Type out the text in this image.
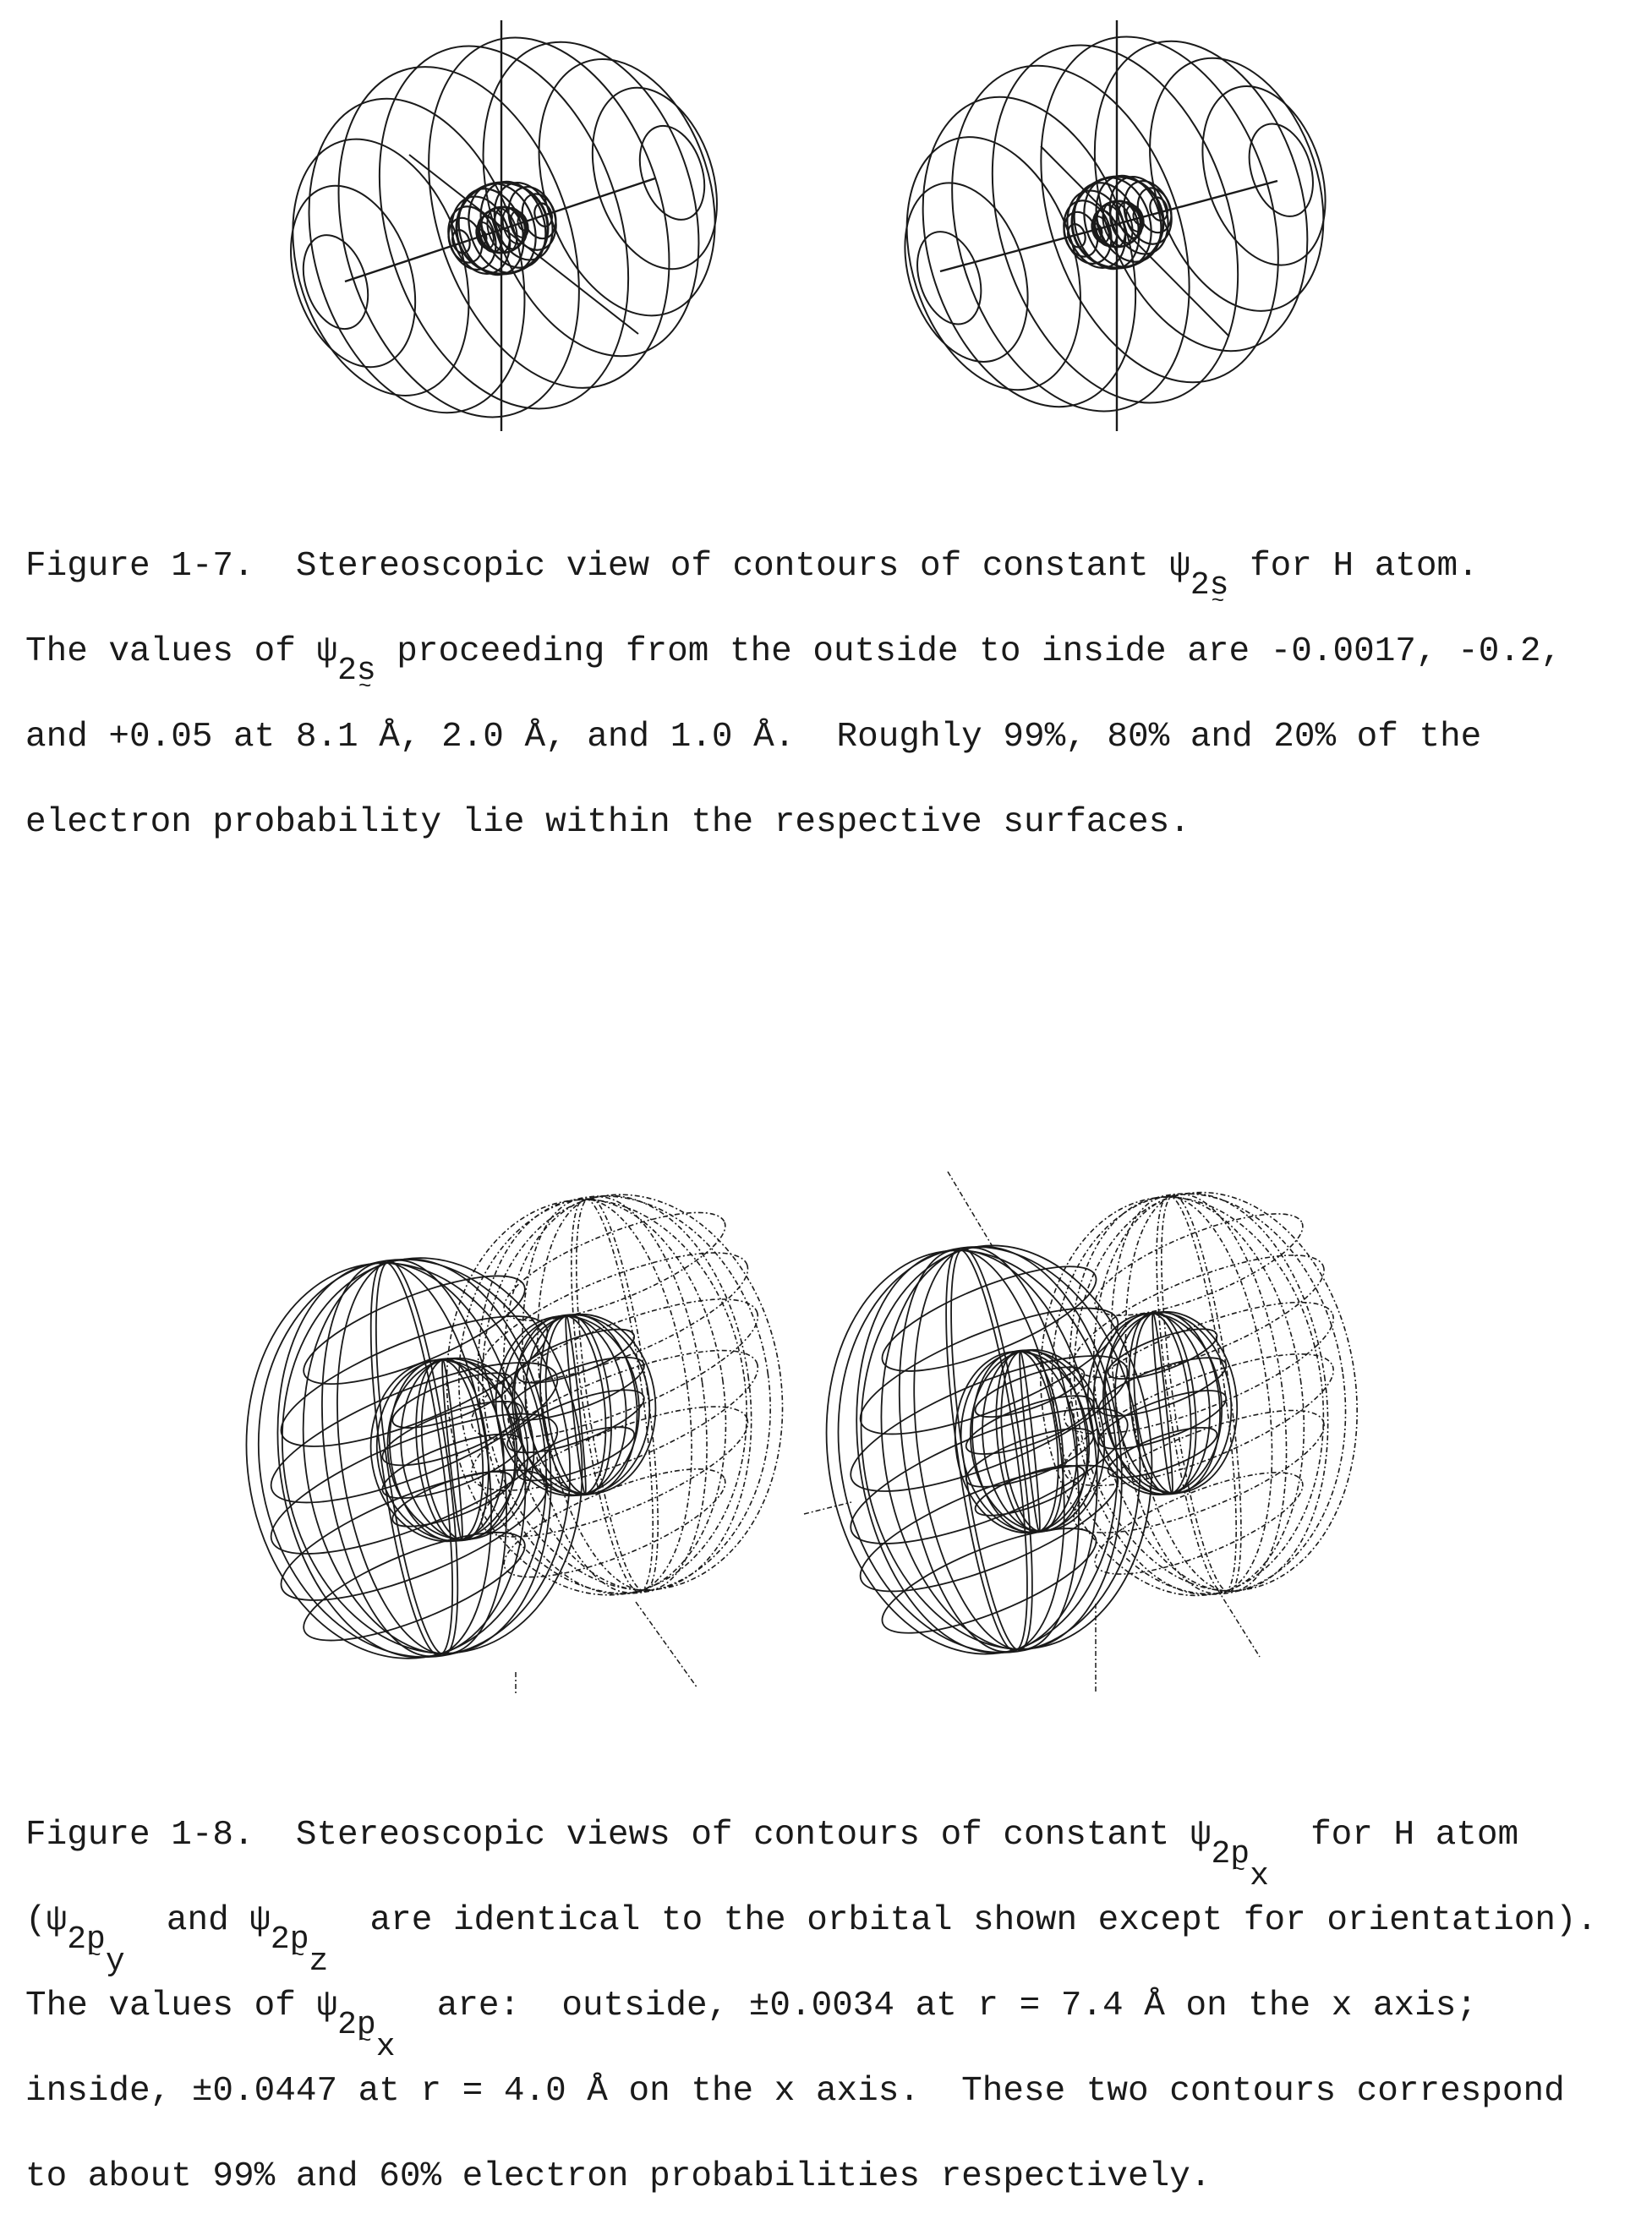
Figure 1-7.  Stereoscopic view of contours of constant ψ2s ~ for H atom.

The values of ψ2s ~ proceeding from the outside to inside are -0.0017, -0.2,

and +0.05 at 8.1 Å, 2.0 Å, and 1.0 Å.  Roughly 99%, 80% and 20% of the

electron probability lie within the respective surfaces.

Figure 1-8.  Stereoscopic views of contours of constant ψ2p ~x  for H atom

(ψ2p ~y  and ψ2p ~z  are identical to the orbital shown except for orientation).

The values of ψ2p ~x  are:  outside, ±0.0034 at r = 7.4 Å on the x axis;

inside, ±0.0447 at r = 4.0 Å on the x axis.  These two contours correspond

to about 99% and 60% electron probabilities respectively.
